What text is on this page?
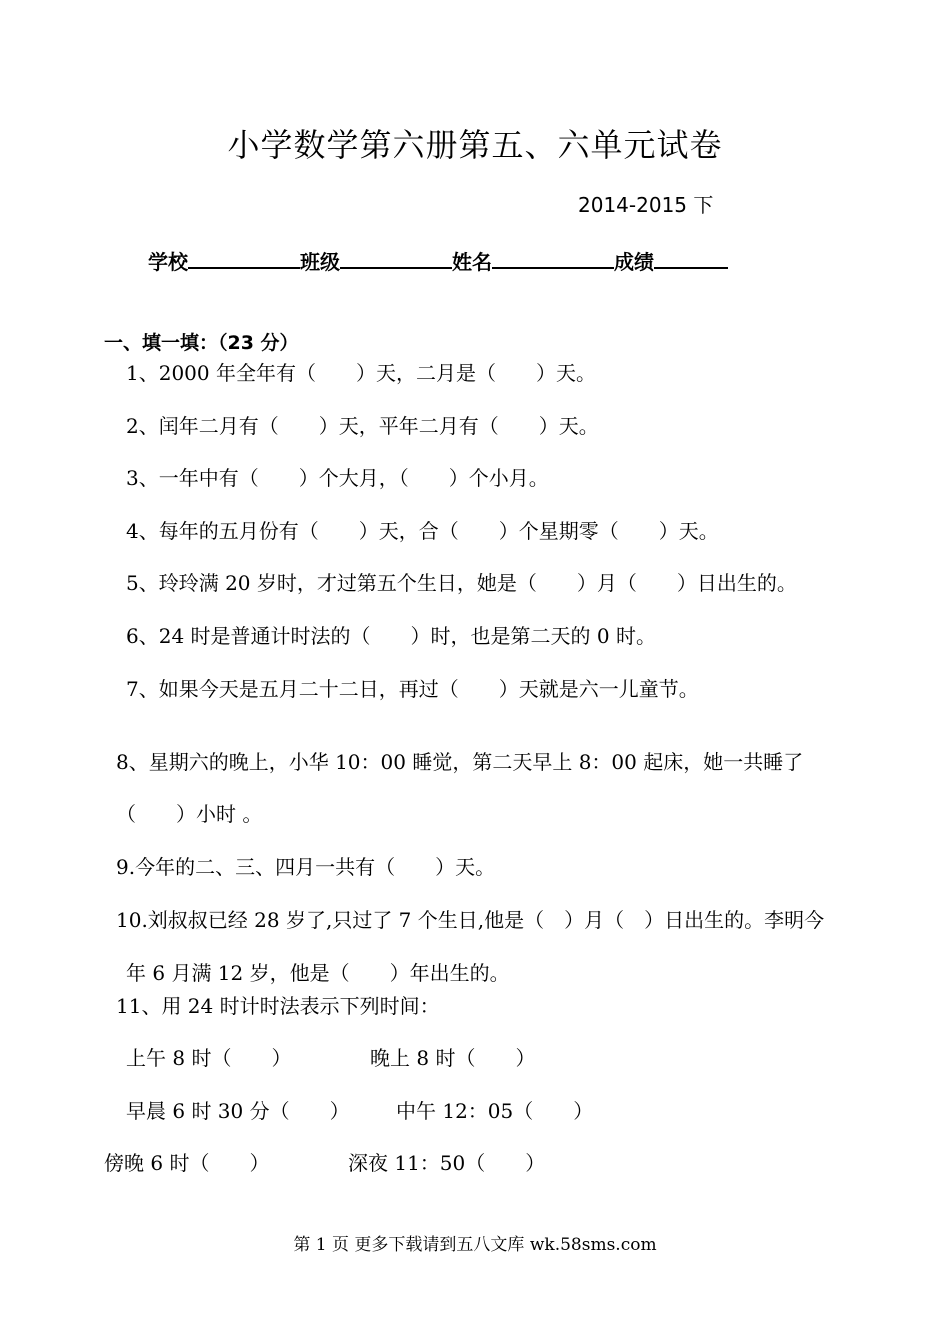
小学数学第六册第五、六单元试卷
2014-2015 下
学校	班级	姓名	成绩
一、填一填：（23 分）
1、2000 年全年有（　　）天，二月是（　　）天。
2、闰年二月有（　　）天，平年二月有（　　）天。
3、一年中有（　　）个大月，（　　）个小月。
4、每年的五月份有（　　）天，合（　　）个星期零（　　）天。
5、玲玲满 20 岁时，才过第五个生日，她是（　　）月（　　）日出生的。
6、24 时是普通计时法的（　　）时，也是第二天的 0 时。
7、如果今天是五月二十二日，再过（　　）天就是六一儿童节。
8、星期六的晚上，小华 10：00 睡觉，第二天早上 8：00 起床，她一共睡了
（　　）小时 。
9.今年的二、三、四月一共有（　　）天。
10.刘叔叔已经 28 岁了,只过了 7 个生日,他是（　）月（　）日出生的。李明今
年 6 月满 12 岁，他是（　　）年出生的。
11、用 24 时计时法表示下列时间：
上午 8 时（　　）	晚上 8 时（　　）
早晨 6 时 30 分（　　） 中午 12：05（　　）
傍晚 6 时（　　）	深夜 11：50（　　）
第 1 页 更多下载请到五八文库 wk.58sms.com
